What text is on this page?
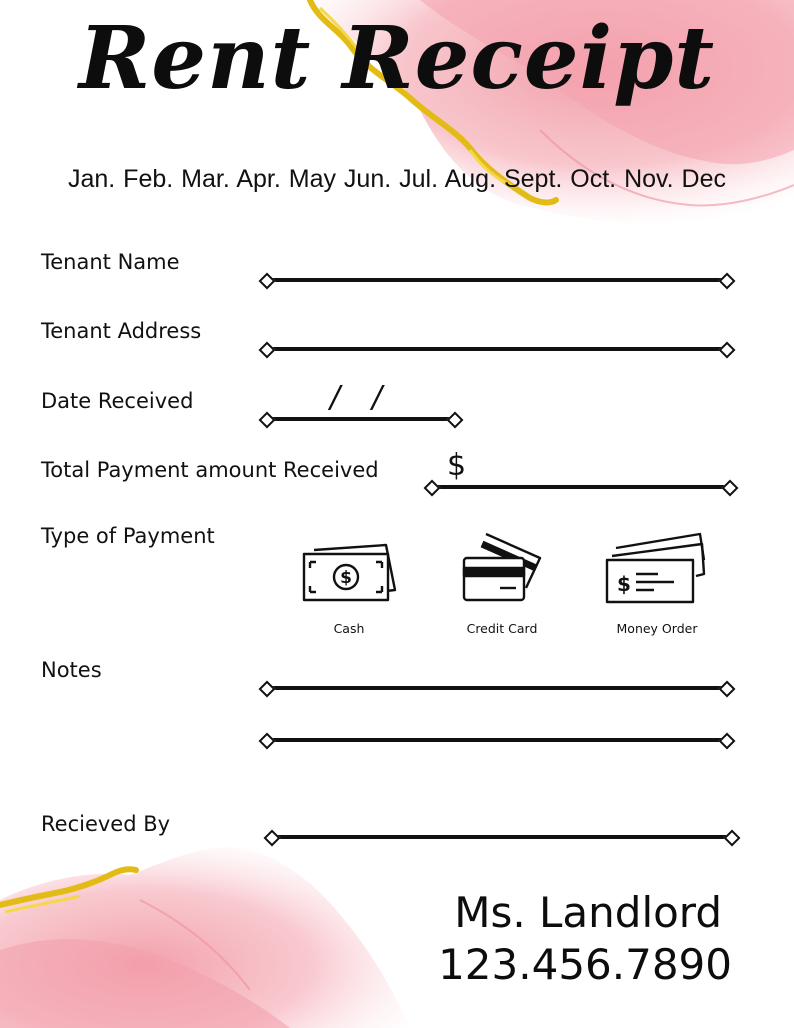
Rent Receipt
Jan. Feb. Mar. Apr. May Jun. Jul. Aug. Sept. Oct. Nov. Dec
Tenant Name
Tenant Address
Date Received	/ /
Total Payment amount Received $
Type of Payment
$
Cash	Credit Card
$
Money Order
Notes
Recieved By
Ms. Landlord
123.456.7890
